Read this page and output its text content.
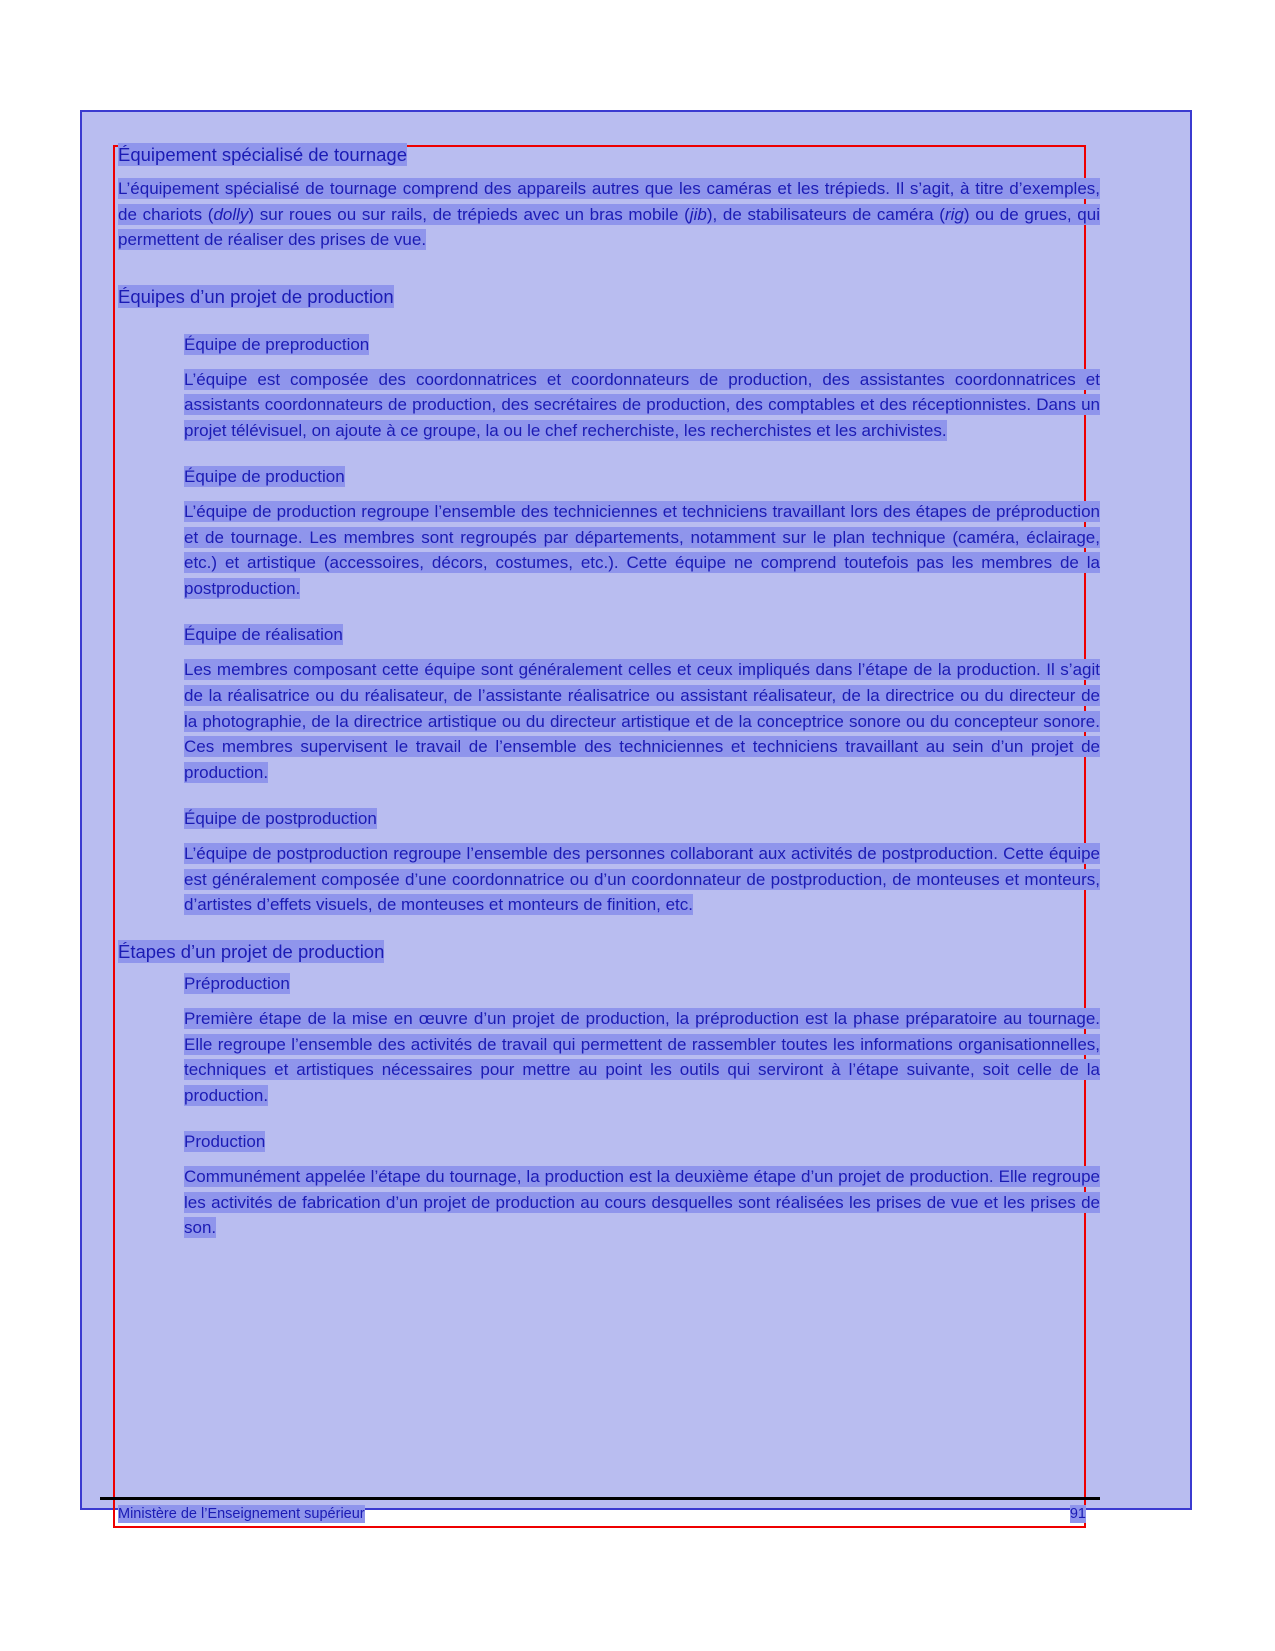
Équipement spécialisé de tournage

L’équipement spécialisé de tournage comprend des appareils autres que les caméras et les trépieds. Il s’agit, à titre d’exemples, de chariots (dolly) sur roues ou sur rails, de trépieds avec un bras mobile (jib), de stabilisateurs de caméra (rig) ou de grues, qui permettent de réaliser des prises de vue.

Équipes d’un projet de production
Équipe de preproduction

L’équipe est composée des coordonnatrices et coordonnateurs de production, des assistantes coordonnatrices et assistants coordonnateurs de production, des secrétaires de production, des comptables et des réceptionnistes. Dans un projet télévisuel, on ajoute à ce groupe, la ou le chef recherchiste, les recherchistes et les archivistes.

Équipe de production

L’équipe de production regroupe l’ensemble des techniciennes et techniciens travaillant lors des étapes de préproduction et de tournage. Les membres sont regroupés par départements, notamment sur le plan technique (caméra, éclairage, etc.) et artistique (accessoires, décors, costumes, etc.). Cette équipe ne comprend toutefois pas les membres de la postproduction.

Équipe de réalisation

Les membres composant cette équipe sont généralement celles et ceux impliqués dans l’étape de la production. Il s’agit de la réalisatrice ou du réalisateur, de l’assistante réalisatrice ou assistant réalisateur, de la directrice ou du directeur de la photographie, de la directrice artistique ou du directeur artistique et de la conceptrice sonore ou du concepteur sonore. Ces membres supervisent le travail de l’ensemble des techniciennes et techniciens travaillant au sein d’un projet de production.

Équipe de postproduction

L’équipe de postproduction regroupe l’ensemble des personnes collaborant aux activités de postproduction. Cette équipe est généralement composée d’une coordonnatrice ou d’un coordonnateur de postproduction, de monteuses et monteurs, d’artistes d’effets visuels, de monteuses et monteurs de finition, etc.

Étapes d’un projet de production
Préproduction

Première étape de la mise en œuvre d’un projet de production, la préproduction est la phase préparatoire au tournage. Elle regroupe l’ensemble des activités de travail qui permettent de rassembler toutes les informations organisationnelles, techniques et artistiques nécessaires pour mettre au point les outils qui serviront à l’étape suivante, soit celle de la production.

Production

Communément appelée l’étape du tournage, la production est la deuxième étape d’un projet de production. Elle regroupe les activités de fabrication d’un projet de production au cours desquelles sont réalisées les prises de vue et les prises de son.

Ministère de l’Enseignement supérieur	91
